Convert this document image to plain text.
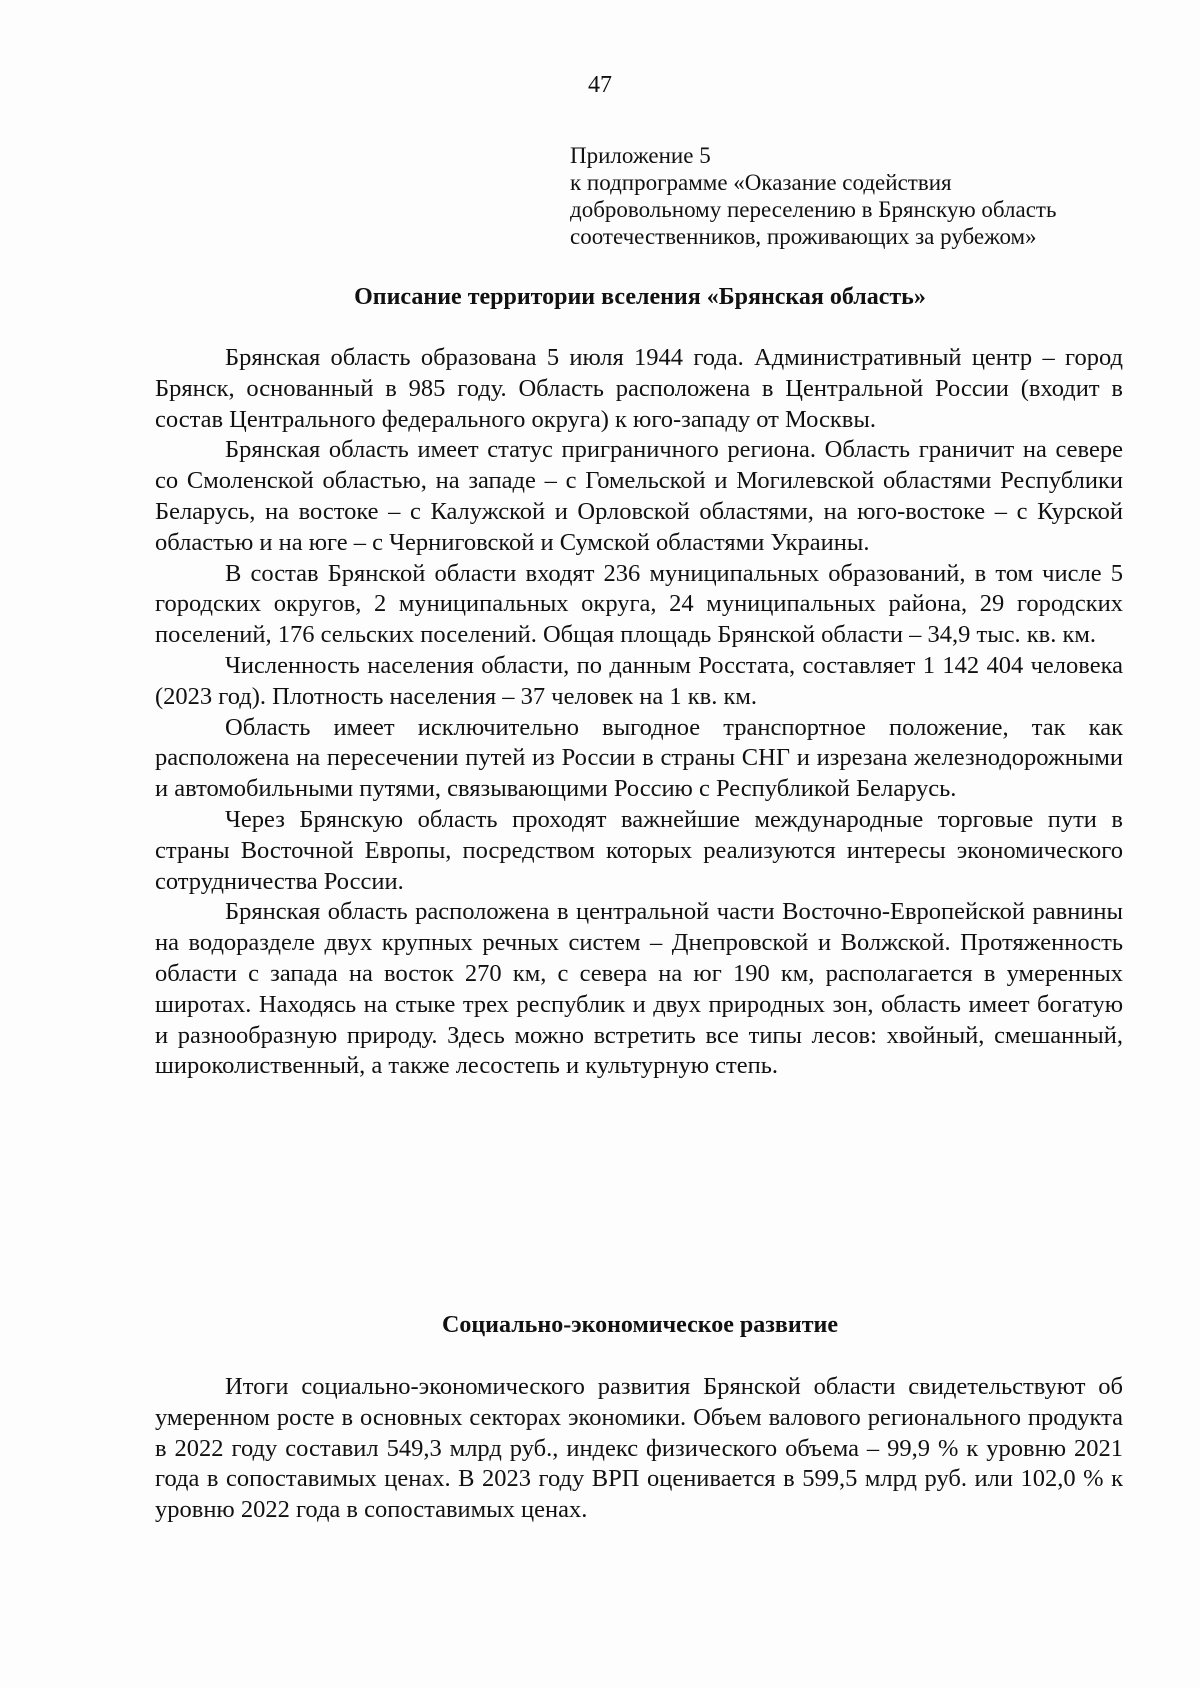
47
Приложение 5
к подпрограмме «Оказание содействия
добровольному переселению в Брянскую область
соотечественников, проживающих за рубежом»
Описание территории вселения «Брянская область»

Брянская область образована 5 июля 1944 года. Административный центр – город Брянск, основанный в 985 году. Область расположена в Центральной России (входит в состав Центрального федерального округа) к юго-западу от Москвы.

Брянская область имеет статус приграничного региона. Область граничит на севере со Смоленской областью, на западе – с Гомельской и Могилевской областями Республики Беларусь, на востоке – с Калужской и Орловской областями, на юго-востоке – с Курской областью и на юге – с Черниговской и Сумской областями Украины.

В состав Брянской области входят 236 муниципальных образований, в том числе 5 городских округов, 2 муниципальных округа, 24 муниципальных района, 29 городских поселений, 176 сельских поселений. Общая площадь Брянской области – 34,9 тыс. кв. км.

Численность населения области, по данным Росстата, составляет 1 142 404 человека (2023 год). Плотность населения – 37 человек на 1 кв. км.

Область имеет исключительно выгодное транспортное положение, так как расположена на пересечении путей из России в страны СНГ и изрезана железнодорожными и автомобильными путями, связывающими Россию с Республикой Беларусь.

Через Брянскую область проходят важнейшие международные торговые пути в страны Восточной Европы, посредством которых реализуются интересы экономического сотрудничества России.

Брянская область расположена в центральной части Восточно-Европейской равнины на водоразделе двух крупных речных систем – Днепровской и Волжской. Протяженность области с запада на восток 270 км, с севера на юг 190 км, располагается в умеренных широтах. Находясь на стыке трех республик и двух природных зон, область имеет богатую и разнообразную природу. Здесь можно встретить все типы лесов: хвойный, смешанный, широколиственный, а также лесостепь и культурную степь.

Социально-экономическое развитие

Итоги социально-экономического развития Брянской области свидетельствуют об умеренном росте в основных секторах экономики. Объем валового регионального продукта в 2022 году составил 549,3 млрд руб., индекс физического объема – 99,9 % к уровню 2021 года в сопоставимых ценах. В 2023 году ВРП оценивается в 599,5 млрд руб. или 102,0 % к уровню 2022 года в сопоставимых ценах.
